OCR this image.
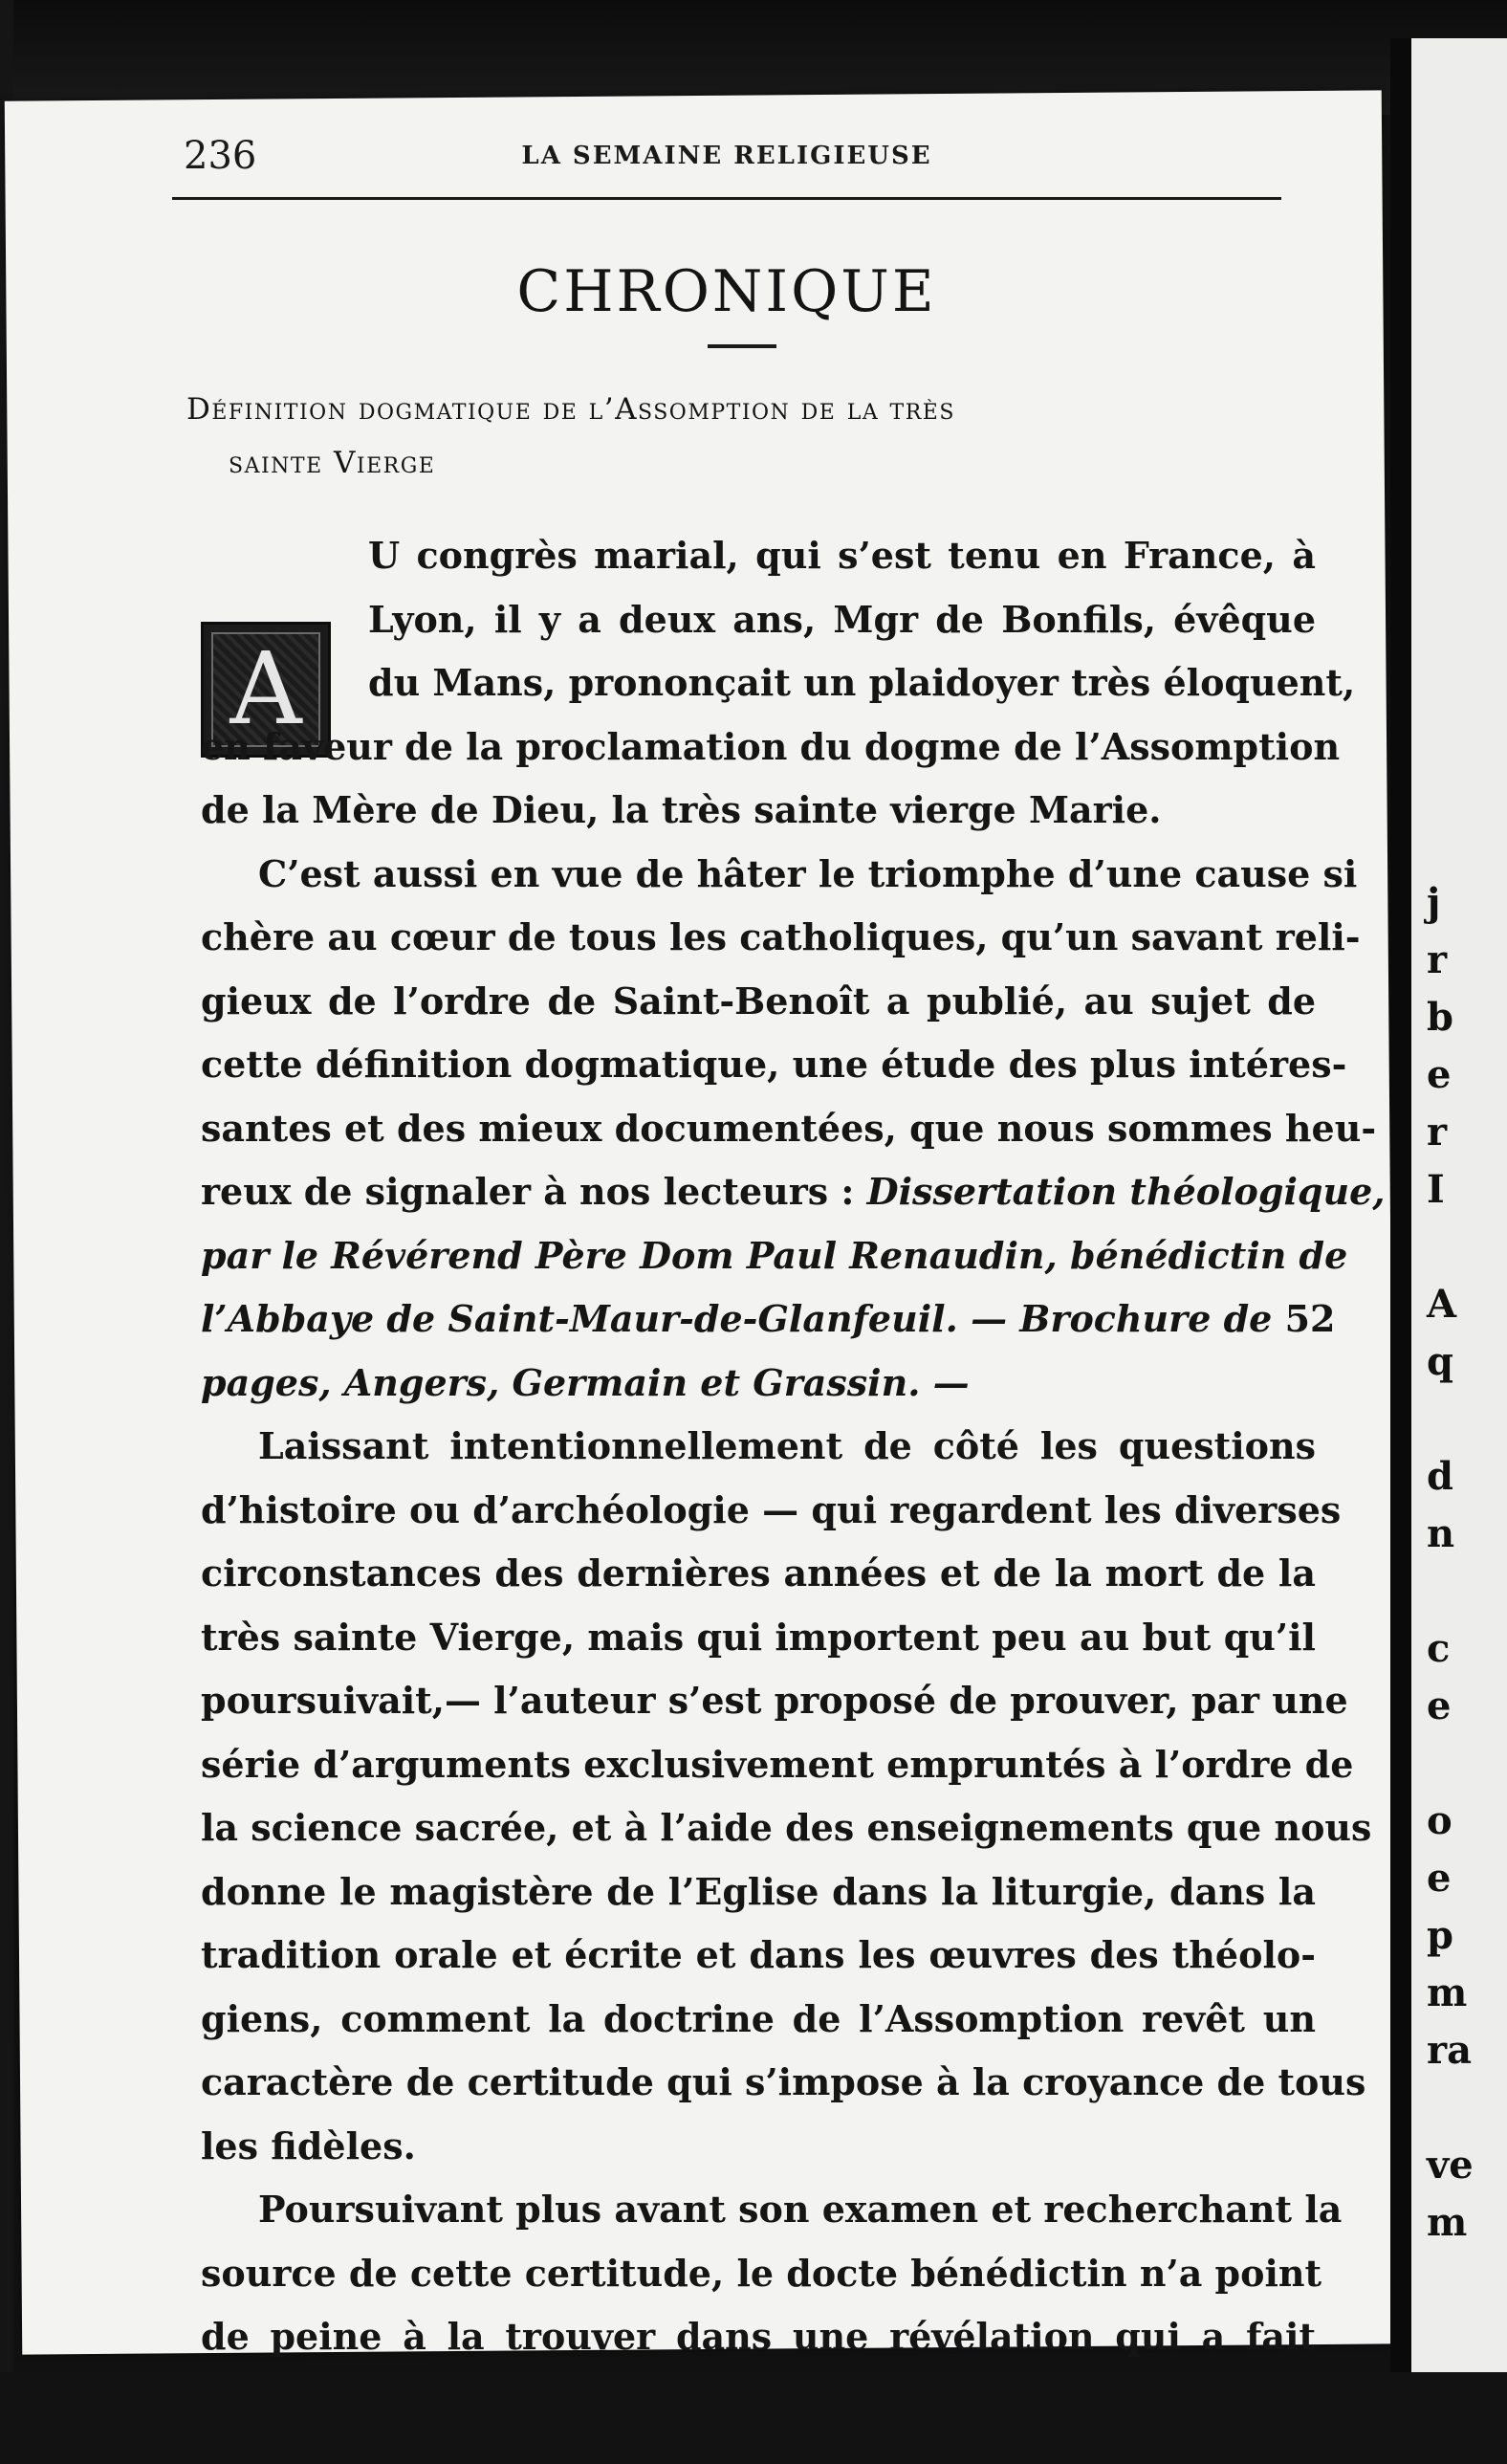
236	LA SEMAINE RELIGIEUSE
CHRONIQUE
Définition dogmatique de l’Assomption de la très
sainte Vierge
A
U congrès marial, qui s’est tenu en France, à
Lyon, il y a deux ans, Mgr de Bonfils, évêque
du Mans, prononçait un plaidoyer très éloquent,
en faveur de la proclamation du dogme de l’Assomption
de la Mère de Dieu, la très sainte vierge Marie.
C’est aussi en vue de hâter le triomphe d’une cause si
chère au cœur de tous les catholiques, qu’un savant reli-
gieux de l’ordre de Saint-Benoît a publié, au sujet de
cette définition dogmatique, une étude des plus intéres-
santes et des mieux documentées, que nous sommes heu-
reux de signaler à nos lecteurs : Dissertation théologique,
par le Révérend Père Dom Paul Renaudin, bénédictin de
l’Abbaye de Saint-Maur-de-Glanfeuil. — Brochure de 52
pages, Angers, Germain et Grassin. —
Laissant intentionnellement de côté les questions
d’histoire ou d’archéologie — qui regardent les diverses
circonstances des dernières années et de la mort de la
très sainte Vierge, mais qui importent peu au but qu’il
poursuivait,— l’auteur s’est proposé de prouver, par une
série d’arguments exclusivement empruntés à l’ordre de
la science sacrée, et à l’aide des enseignements que nous
donne le magistère de l’Eglise dans la liturgie, dans la
tradition orale et écrite et dans les œuvres des théolo-
giens, comment la doctrine de l’Assomption revêt un
caractère de certitude qui s’impose à la croyance de tous
les fidèles.
Poursuivant plus avant son examen et recherchant la
source de cette certitude, le docte bénédictin n’a point
de peine à la trouver dans une révélation qui a fait
j
r
b
e
r
I
A
q
d
n
c
e
o
e
p
m
ra
ve
m
